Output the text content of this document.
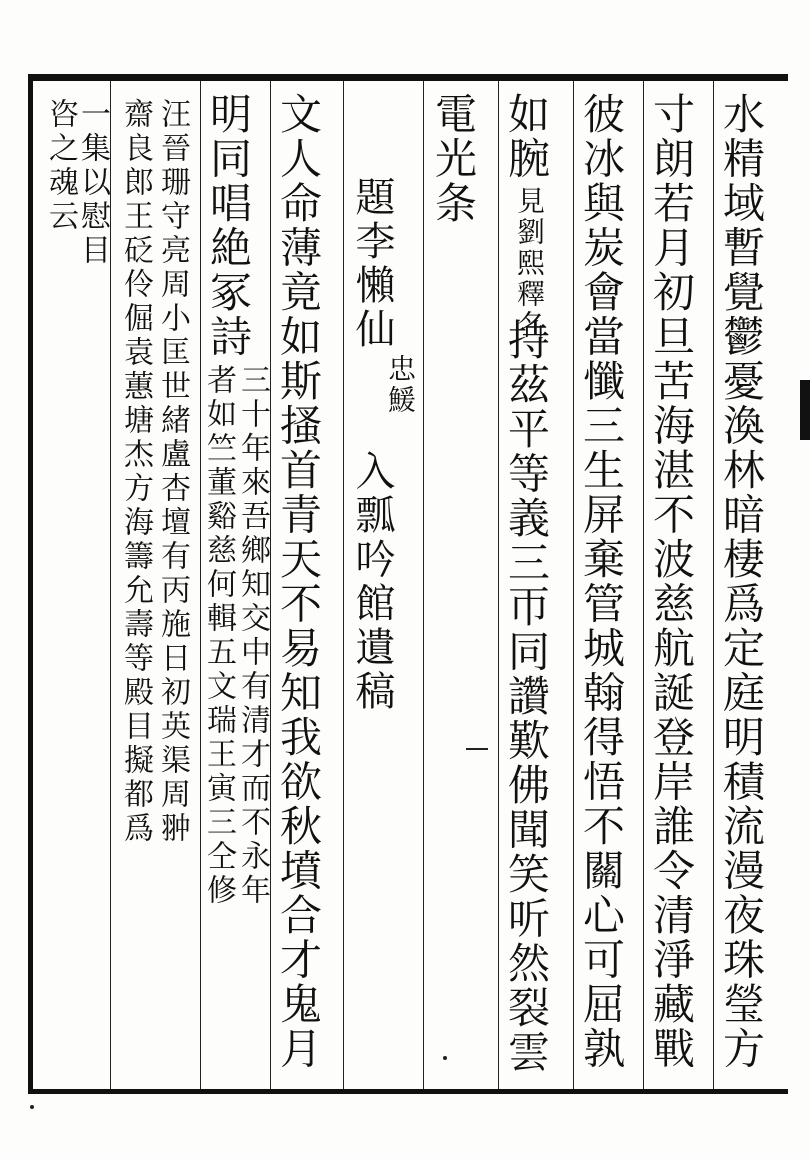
水精域暫覺鬱憂渙林暗棲爲定庭明積流漫夜珠瑩方
寸朗若月初旦苦海湛不波慈航誕登岸誰令清淨藏戰
彼冰與炭會當懺三生屏棄管城翰得悟不關心可屈孰
如腕
見劉熙釋名
持茲平等義三帀同讚歎佛聞笑听然裂雲
電光条
題李懶仙
忠鰀
入瓢吟館遺稿
文人命薄竟如斯搔首青天不易知我欲秋墳合才鬼月
明同唱絶冢詩
三十年來吾鄉知交中有清才而不永年
者如竺董谿慈何輯五文瑞王寅三仝修
汪晉珊守亮周小匡世緒盧杏壇有丙施日初英渠周翀
齋良郎王砭伶倔袁蕙塘杰方海籌允壽等殿目擬都爲
一集以慰目
咨之魂云
